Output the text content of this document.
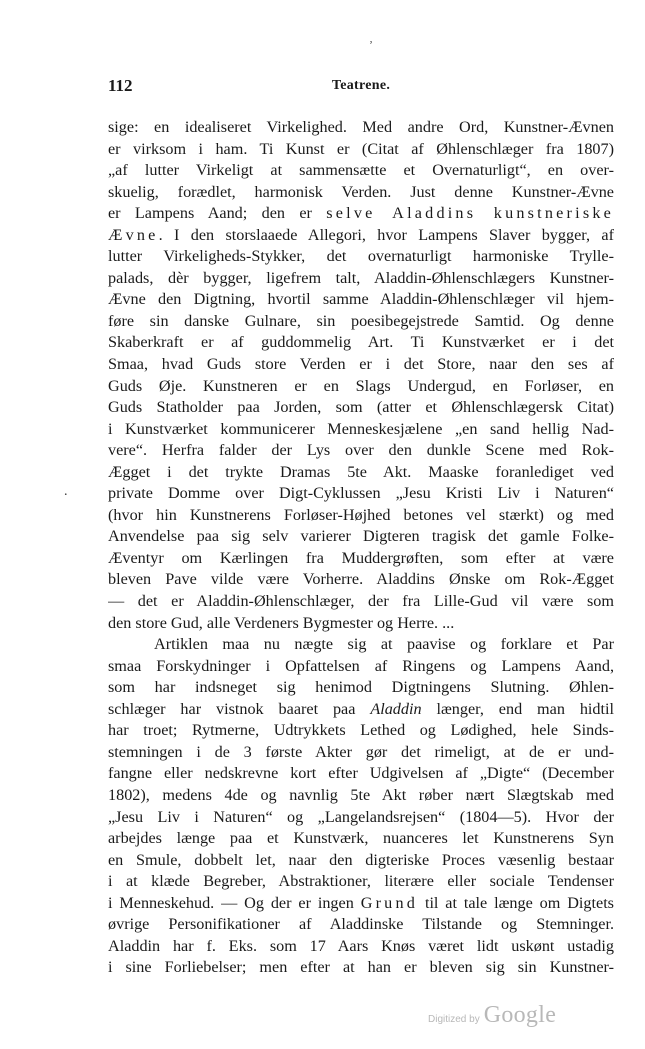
ʼ
112	Teatrene.
.
sige: en idealiseret Virkelighed. Med andre Ord, Kunstner-Ævnen
er virksom i ham. Ti Kunst er (Citat af Øhlenschlæger fra 1807)
„af lutter Virkeligt at sammensætte et Overnaturligt“, en over-
skuelig, forædlet, harmonisk Verden. Just denne Kunstner-Ævne
er Lampens Aand; den er selve Aladdins kunstneriske
Ævne. I den storslaaede Allegori, hvor Lampens Slaver bygger, af
lutter Virkeligheds-Stykker, det overnaturligt harmoniske Trylle-
palads, dèr bygger, ligefrem talt, Aladdin-Øhlenschlægers Kunstner-
Ævne den Digtning, hvortil samme Aladdin-Øhlenschlæger vil hjem-
føre sin danske Gulnare, sin poesibegejstrede Samtid. Og denne
Skaberkraft er af guddommelig Art. Ti Kunstværket er i det
Smaa, hvad Guds store Verden er i det Store, naar den ses af
Guds Øje. Kunstneren er en Slags Undergud, en Forløser, en
Guds Statholder paa Jorden, som (atter et Øhlenschlægersk Citat)
i Kunstværket kommunicerer Menneskesjælene „en sand hellig Nad-
vere“. Herfra falder der Lys over den dunkle Scene med Rok-
Ægget i det trykte Dramas 5te Akt. Maaske foranlediget ved
private Domme over Digt-Cyklussen „Jesu Kristi Liv i Naturen“
(hvor hin Kunstnerens Forløser-Højhed betones vel stærkt) og med
Anvendelse paa sig selv varierer Digteren tragisk det gamle Folke-
Æventyr om Kærlingen fra Muddergrøften, som efter at være
bleven Pave vilde være Vorherre. Aladdins Ønske om Rok-Ægget
— det er Aladdin-Øhlenschlæger, der fra Lille-Gud vil være som
den store Gud, alle Verdeners Bygmester og Herre. ...
Artiklen maa nu nægte sig at paavise og forklare et Par
smaa Forskydninger i Opfattelsen af Ringens og Lampens Aand,
som har indsneget sig henimod Digtningens Slutning. Øhlen-
schlæger har vistnok baaret paa Aladdin længer, end man hidtil
har troet; Rytmerne, Udtrykkets Lethed og Lødighed, hele Sinds-
stemningen i de 3 første Akter gør det rimeligt, at de er und-
fangne eller nedskrevne kort efter Udgivelsen af „Digte“ (December
1802), medens 4de og navnlig 5te Akt røber nært Slægtskab med
„Jesu Liv i Naturen“ og „Langelandsrejsen“ (1804—5). Hvor der
arbejdes længe paa et Kunstværk, nuanceres let Kunstnerens Syn
en Smule, dobbelt let, naar den digteriske Proces væsenlig bestaar
i at klæde Begreber, Abstraktioner, literære eller sociale Tendenser
i Menneskehud. — Og der er ingen Grund til at tale længe om Digtets
øvrige Personifikationer af Aladdinske Tilstande og Stemninger.
Aladdin har f. Eks. som 17 Aars Knøs været lidt uskønt ustadig
i sine Forliebelser; men efter at han er bleven sig sin Kunstner-
Digitized by Google
